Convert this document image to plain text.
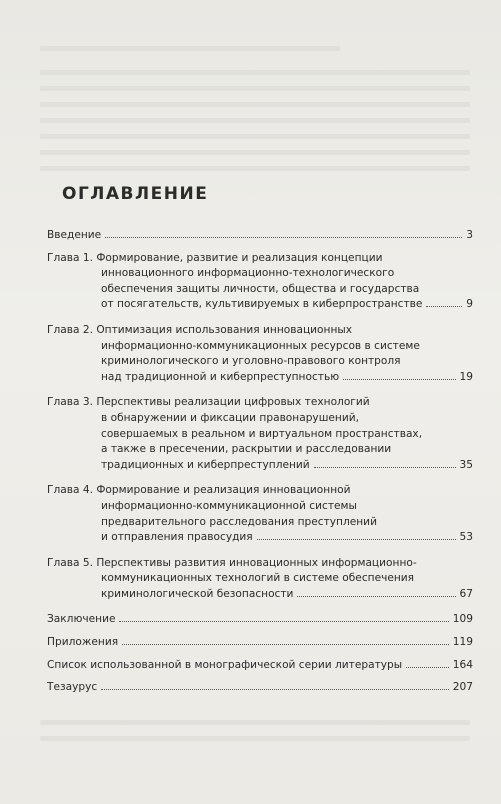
ОГЛАВЛЕНИЕ
Введение	3
Глава 1. Формирование, развитие и реализация концепции
инновационного информационно-технологического
обеспечения защиты личности, общества и государства
от посягательств, культивируемых в киберпространстве	9
Глава 2. Оптимизация использования инновационных
информационно-коммуникационных ресурсов в системе
криминологического и уголовно-правового контроля
над традиционной и киберпреступностью	19
Глава 3. Перспективы реализации цифровых технологий
в обнаружении и фиксации правонарушений,
совершаемых в реальном и виртуальном пространствах,
а также в пресечении, раскрытии и расследовании
традиционных и киберпреступлений	35
Глава 4. Формирование и реализация инновационной
информационно-коммуникационной системы
предварительного расследования преступлений
и отправления правосудия	53
Глава 5. Перспективы развития инновационных информационно-
коммуникационных технологий в системе обеспечения
криминологической безопасности	67
Заключение	109
Приложения	119
Список использованной в монографической серии литературы	164
Тезаурус	207
